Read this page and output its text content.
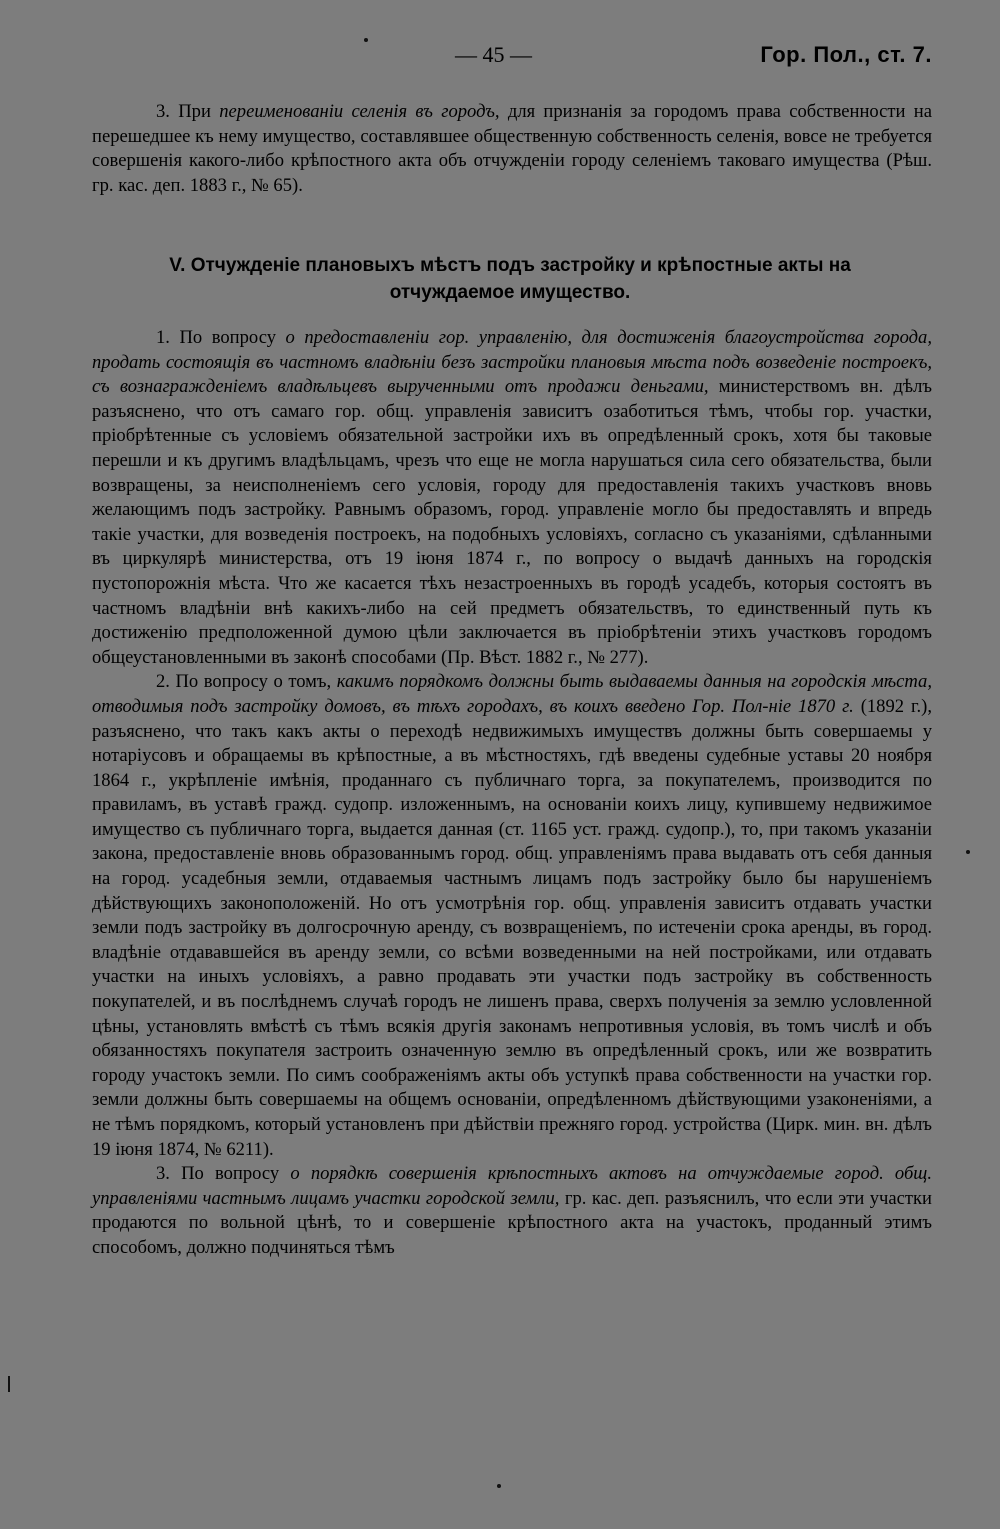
— 45 —	Гор. Пол., ст. 7.

3. При переименованіи селенія въ городъ, для признанія за городомъ права собственности на перешедшее къ нему имущество, составлявшее общественную собственность селенія, вовсе не требуется совершенія какого-либо крѣпостного акта объ отчужденіи городу селеніемъ таковаго имущества (Рѣш. гр. кас. деп. 1883 г., № 65).

V. Отчужденіе плановыхъ мѣстъ подъ застройку и крѣпостные акты на
отчуждаемое имущество.

1. По вопросу о предоставленіи гор. управленію, для достиженія благоустройства города, продать состоящія въ частномъ владѣніи безъ застройки плановыя мѣста подъ возведеніе построекъ, съ вознагражденіемъ владѣльцевъ вырученными отъ продажи деньгами, министерствомъ вн. дѣлъ разъяснено, что отъ самаго гор. общ. управленія зависитъ озаботиться тѣмъ, чтобы гор. участки, пріобрѣтенные съ условіемъ обязательной застройки ихъ въ опредѣленный срокъ, хотя бы таковые перешли и къ другимъ владѣльцамъ, чрезъ что еще не могла нарушаться сила сего обязательства, были возвращены, за неисполненіемъ сего условія, городу для предоставленія такихъ участковъ вновь желающимъ подъ застройку. Равнымъ образомъ, город. управленіе могло бы предоставлять и впредь такіе участки, для возведенія построекъ, на подобныхъ условіяхъ, согласно съ указаніями, сдѣланными въ циркулярѣ министерства, отъ 19 іюня 1874 г., по вопросу о выдачѣ данныхъ на городскія пустопорожнія мѣста. Что же касается тѣхъ незастроенныхъ въ городѣ усадебъ, которыя состоятъ въ частномъ владѣніи внѣ какихъ-либо на сей предметъ обязательствъ, то единственный путь къ достиженію предположенной думою цѣли заключается въ пріобрѣтеніи этихъ участковъ городомъ общеустановленными въ законѣ способами (Пр. Вѣст. 1882 г., № 277).

2. По вопросу о томъ, какимъ порядкомъ должны быть выдаваемы данныя на городскія мѣста, отводимыя подъ застройку домовъ, въ тѣхъ городахъ, въ коихъ введено Гор. Пол-ніе 1870 г. (1892 г.), разъяснено, что такъ какъ акты о переходѣ недвижимыхъ имуществъ должны быть совершаемы у нотаріусовъ и обращаемы въ крѣпостные, а въ мѣстностяхъ, гдѣ введены судебные уставы 20 ноября 1864 г., укрѣпленіе имѣнія, проданнаго съ публичнаго торга, за покупателемъ, производится по правиламъ, въ уставѣ гражд. судопр. изложеннымъ, на основаніи коихъ лицу, купившему недвижимое имущество съ публичнаго торга, выдается данная (ст. 1165 уст. гражд. судопр.), то, при такомъ указаніи закона, предоставленіе вновь образованнымъ город. общ. управленіямъ права выдавать отъ себя данныя на город. усадебныя земли, отдаваемыя частнымъ лицамъ подъ застройку было бы нарушеніемъ дѣйствующихъ законоположеній. Но отъ усмотрѣнія гор. общ. управленія зависитъ отдавать участки земли подъ застройку въ долгосрочную аренду, съ возвращеніемъ, по истеченіи срока аренды, въ город. владѣніе отдававшейся въ аренду земли, со всѣми возведенными на ней постройками, или отдавать участки на иныхъ условіяхъ, а равно продавать эти участки подъ застройку въ собственность покупателей, и въ послѣднемъ случаѣ городъ не лишенъ права, сверхъ полученія за землю условленной цѣны, установлять вмѣстѣ съ тѣмъ всякія другія законамъ непротивныя условія, въ томъ числѣ и объ обязанностяхъ покупателя застроить означенную землю въ опредѣленный срокъ, или же возвратить городу участокъ земли. По симъ соображеніямъ акты объ уступкѣ права собственности на участки гор. земли должны быть совершаемы на общемъ основаніи, опредѣленномъ дѣйствующими узаконеніями, а не тѣмъ порядкомъ, который установленъ при дѣйствіи прежняго город. устройства (Цирк. мин. вн. дѣлъ 19 іюня 1874, № 6211).

3. По вопросу о порядкѣ совершенія крѣпостныхъ актовъ на отчуждаемые город. общ. управленіями частнымъ лицамъ участки городской земли, гр. кас. деп. разъяснилъ, что если эти участки продаются по вольной цѣнѣ, то и совершеніе крѣпостного акта на участокъ, проданный этимъ способомъ, должно подчиняться тѣмъ
